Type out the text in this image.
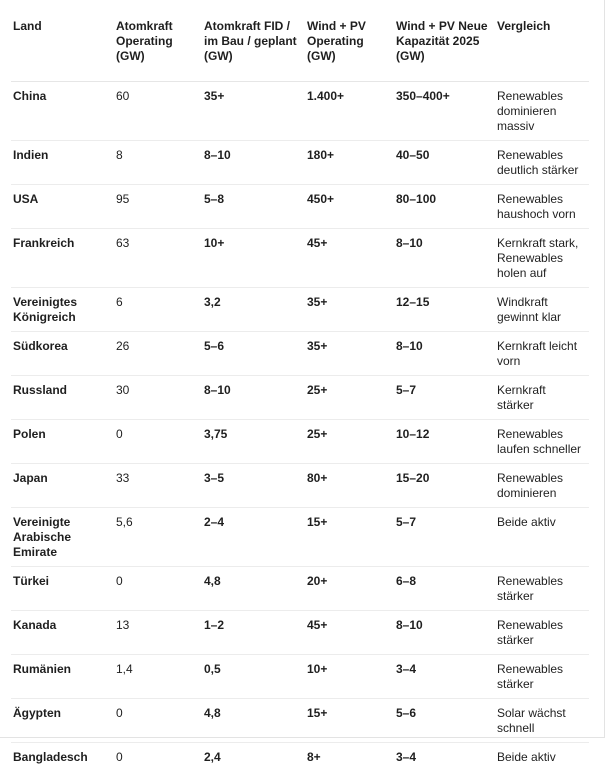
Land	Atomkraft Operating (GW)	Atomkraft FID / im Bau / geplant (GW)	Wind + PV Operating (GW)	Wind + PV Neue Kapazität 2025 (GW)	Vergleich
China	60	35+	1.400+	350–400+	Renewables dominieren massiv
Indien	8	8–10	180+	40–50	Renewables deutlich stärker
USA	95	5–8	450+	80–100	Renewables haushoch vorn
Frankreich	63	10+	45+	8–10	Kernkraft stark, Renewables holen auf
Vereinigtes Königreich	6	3,2	35+	12–15	Windkraft gewinnt klar
Südkorea	26	5–6	35+	8–10	Kernkraft leicht vorn
Russland	30	8–10	25+	5–7	Kernkraft stärker
Polen	0	3,75	25+	10–12	Renewables laufen schneller
Japan	33	3–5	80+	15–20	Renewables dominieren
Vereinigte Arabische Emirate	5,6	2–4	15+	5–7	Beide aktiv
Türkei	0	4,8	20+	6–8	Renewables stärker
Kanada	13	1–2	45+	8–10	Renewables stärker
Rumänien	1,4	0,5	10+	3–4	Renewables stärker
Ägypten	0	4,8	15+	5–6	Solar wächst schnell
Bangladesch	0	2,4	8+	3–4	Beide aktiv
